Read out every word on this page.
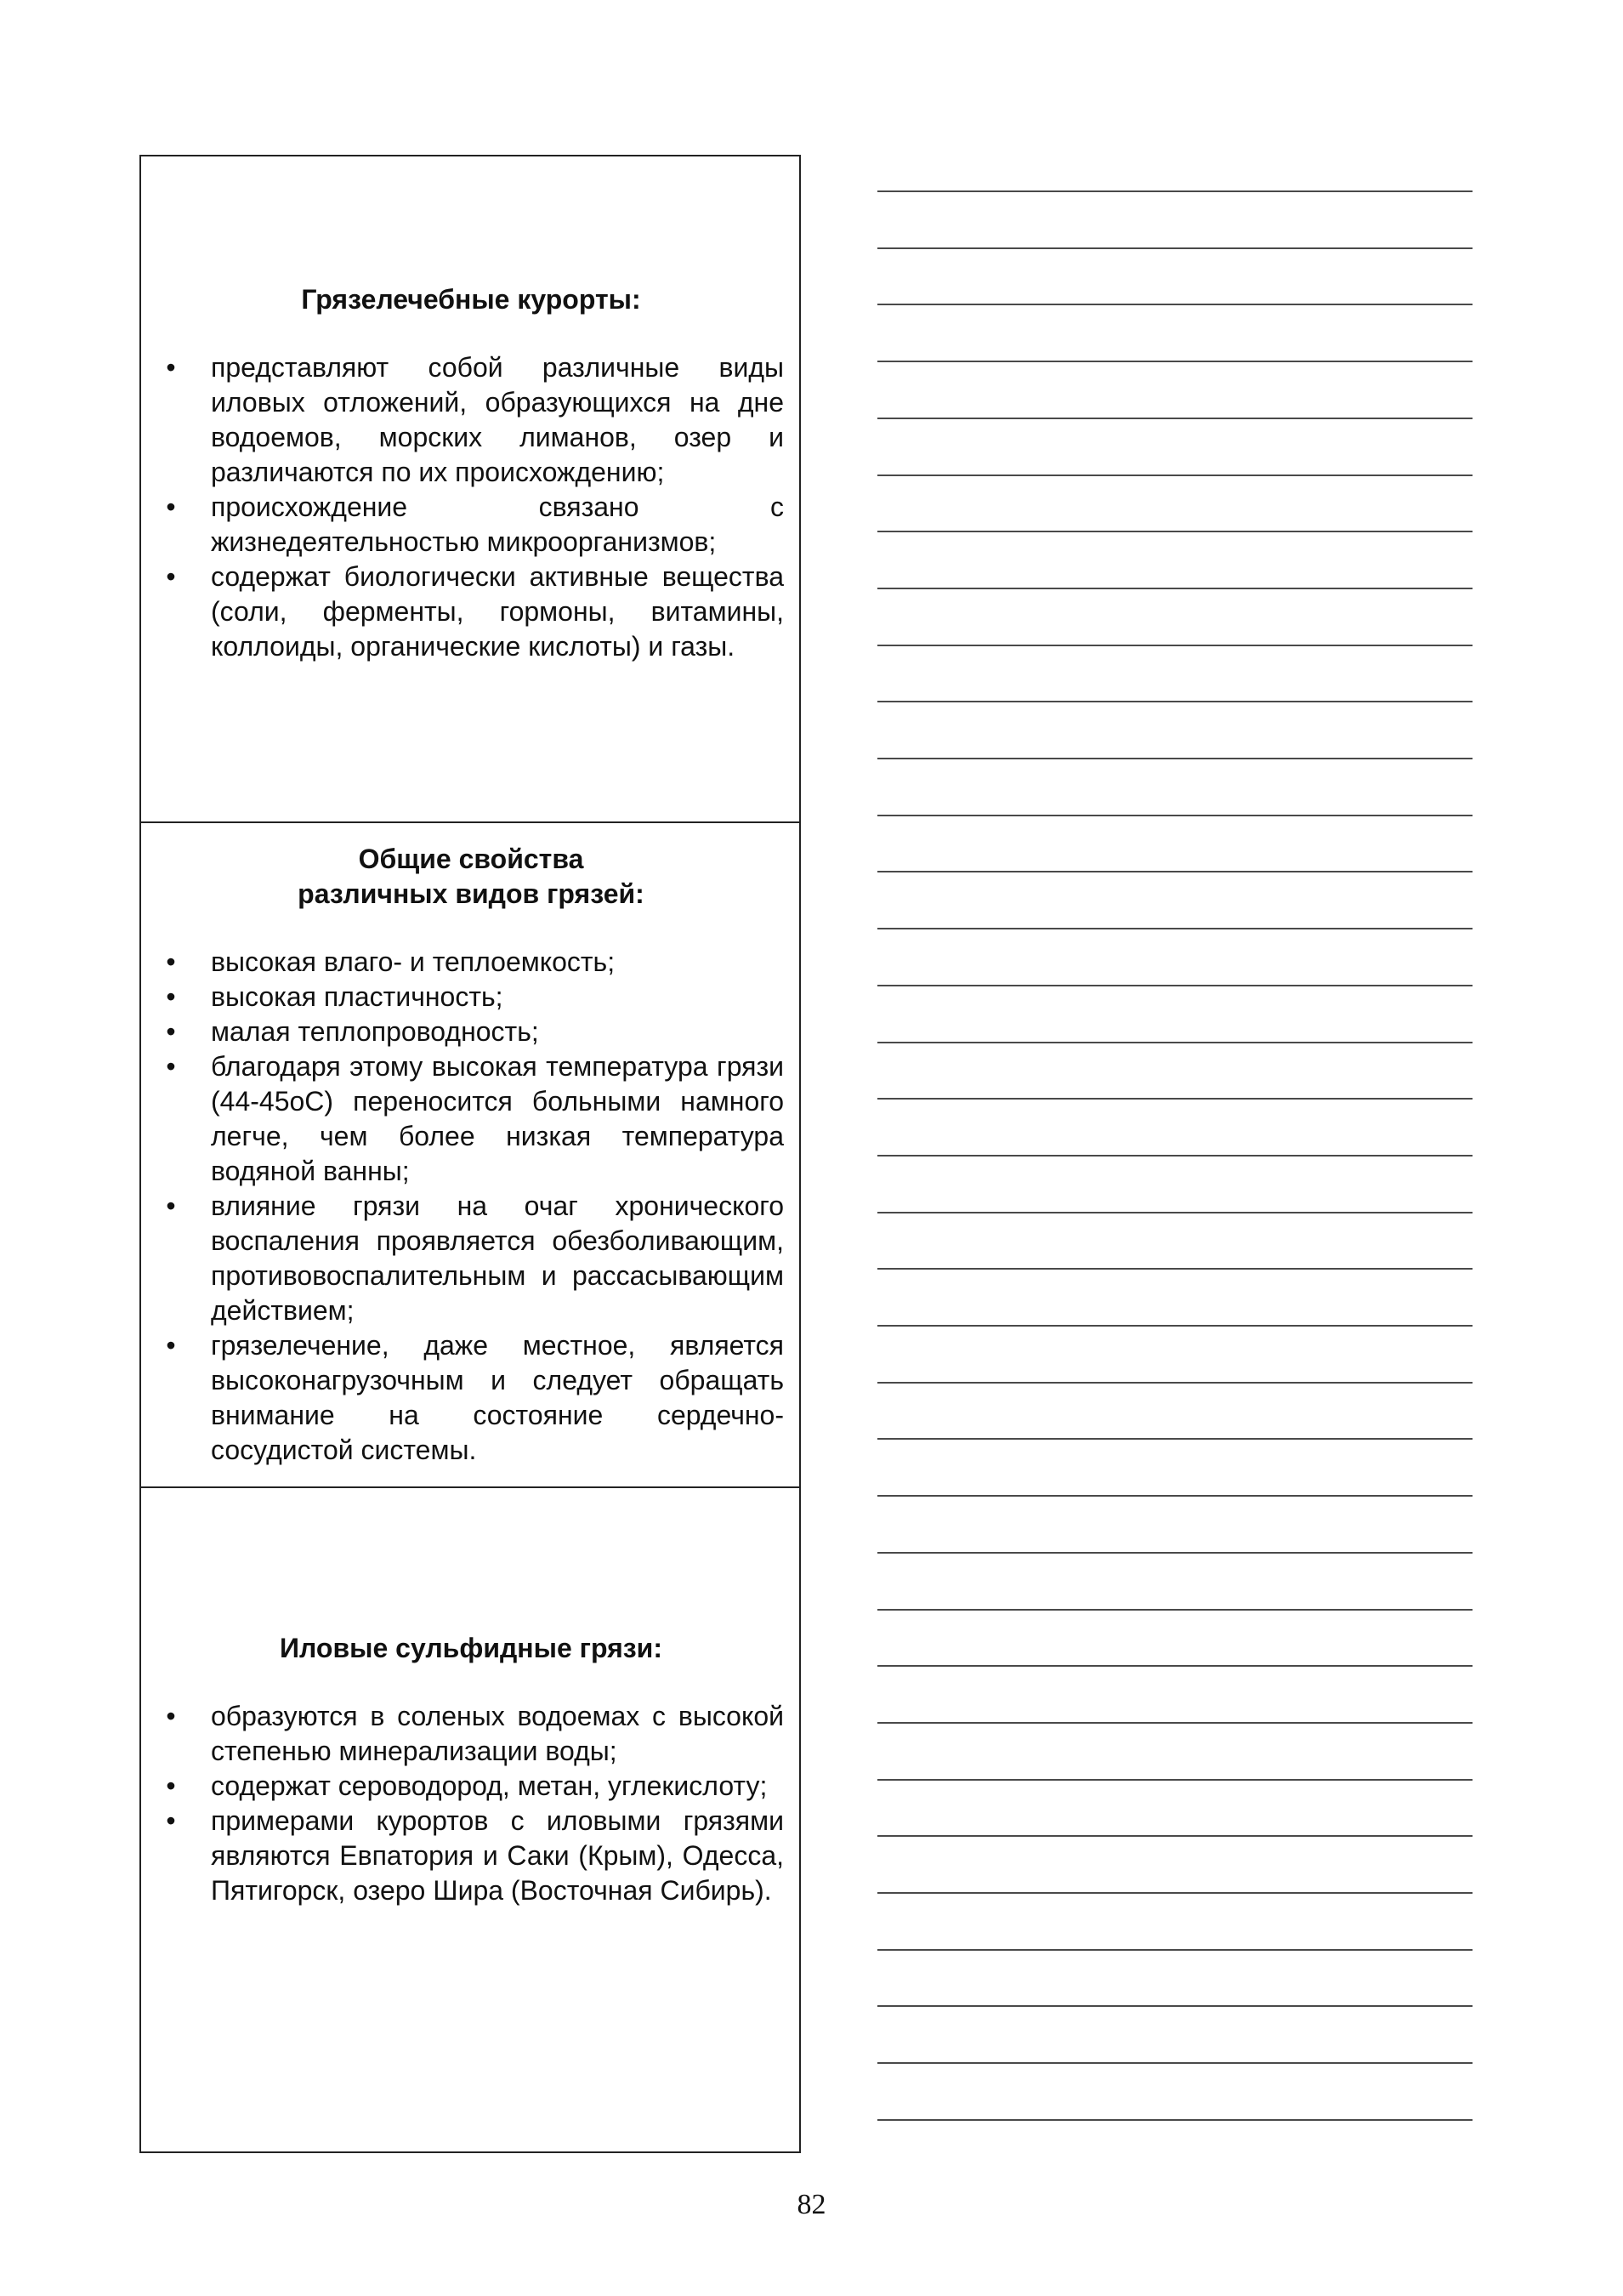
Грязелечебные курорты:
• представляют собой различные виды иловых отложений, образующихся на дне водоемов, морских лиманов, озер и различаются по их происхождению;
• происхождение связано с жизнедеятельностью микроорганизмов;
• содержат биологически активные вещества (соли, ферменты, гормоны, витамины, коллоиды, органические кислоты) и газы.
Общие свойства
различных видов грязей:
• высокая влаго- и теплоемкость;
• высокая пластичность;
• малая теплопроводность;
• благодаря этому высокая температура грязи (44-45оС) переносится больными намного легче, чем более низкая температура водяной ванны;
• влияние грязи на очаг хронического воспаления проявляется обезболивающим, противовоспалительным и рассасывающим действием;
• грязелечение, даже местное, является высоконагрузочным и следует обращать внимание на состояние сердечно-сосудистой системы.
Иловые сульфидные грязи:
• образуются в соленых водоемах с высокой степенью минерализации воды;
• содержат сероводород, метан, углекислоту;
• примерами курортов с иловыми грязями являются Евпатория и Саки (Крым), Одесса, Пятигорск, озеро Шира (Восточная Сибирь).
82
